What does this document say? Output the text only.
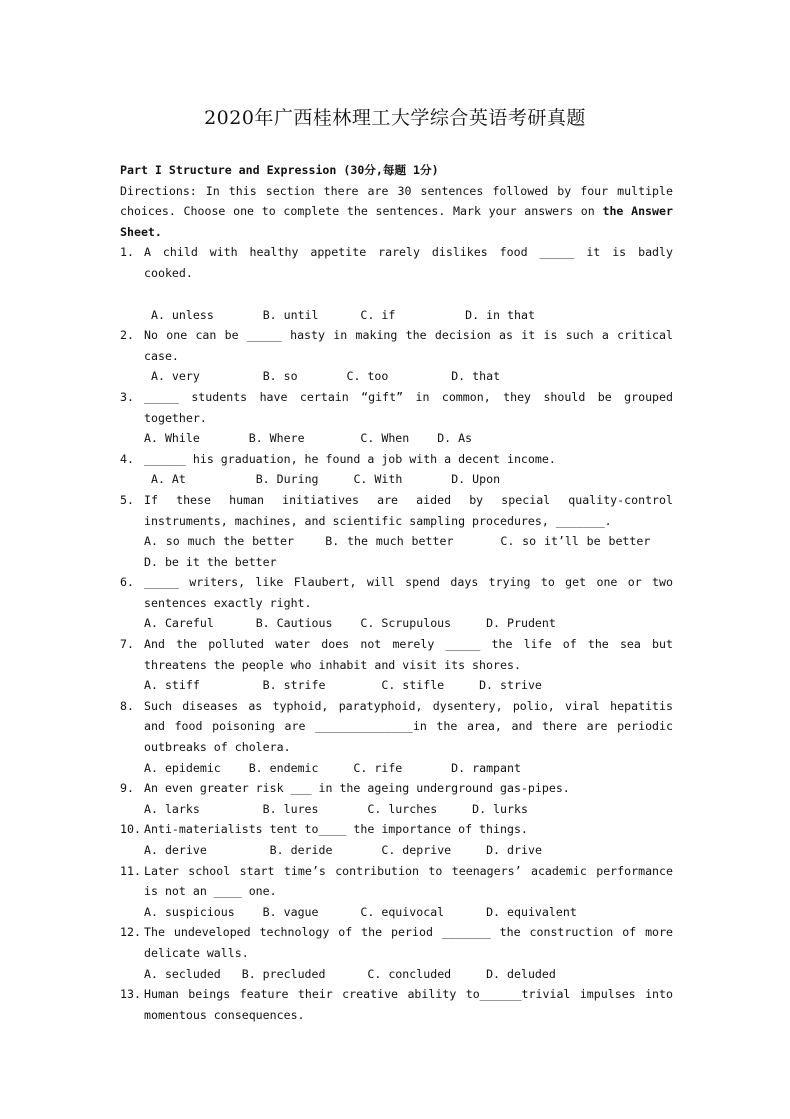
2020年广西桂林理工大学综合英语考研真题
Part I Structure and Expression (30分,每题 1分)
Directions: In this section there are 30 sentences followed by four multiple choices. Choose one to complete the sentences. Mark your answers on the Answer Sheet.
1. A child with healthy appetite rarely dislikes food _____ it is badly cooked.
A. unless	B. until	C. if	D. in that
2. No one can be _____ hasty in making the decision as it is such a critical case.
A. very	B. so	C. too	D. that
3. _____ students have certain “gift” in common, they should be grouped together.
A. While	B. Where	C. When D. As
4. ______ his graduation, he found a job with a decent income.
A. At	B. During	C. With	D. Upon
5. If these human initiatives are aided by special quality-control instruments, machines, and scientific sampling procedures, _______.
A. so much the better	B. the much better	C. so it’ll be better    D. be it the better
6. _____ writers, like Flaubert, will spend days trying to get one or two sentences exactly right.
A. Careful	B. Cautious C. Scrupulous	D. Prudent
7. And the polluted water does not merely _____ the life of the sea but threatens the people who inhabit and visit its shores.
A. stiff	B. strife	C. stifle	D. strive
8. Such diseases as typhoid, paratyphoid, dysentery, polio, viral hepatitis and food poisoning are ______________in the area, and there are periodic outbreaks of cholera.
A. epidemic B. endemic	C. rife	D. rampant
9. An even greater risk ___ in the ageing underground gas-pipes.
A. larks	B. lures	C. lurches	D. lurks
10. Anti-materialists tent to____ the importance of things.
A. derive	B. deride	C. deprive	D. drive
11. Later school start time’s contribution to teenagers’ academic performance is not an ____ one.
A. suspicious B. vague	C. equivocal	D. equivalent
12. The undeveloped technology of the period _______ the construction of more delicate walls.
A. secluded B. precluded	C. concluded	D. deluded
13. Human beings feature their creative ability to______trivial impulses into momentous consequences.
